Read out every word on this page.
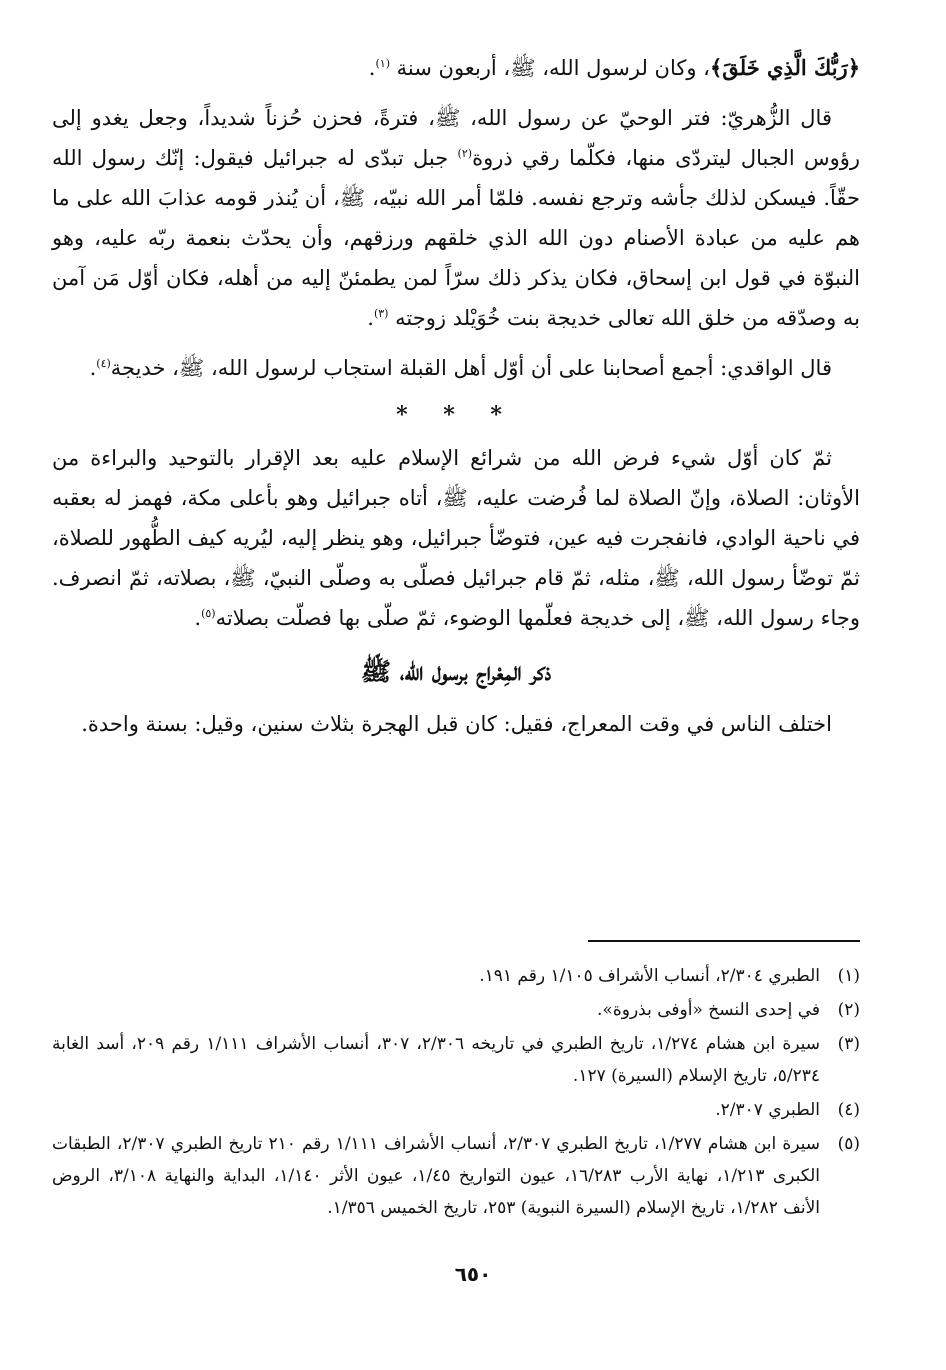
﴿رَبُّكَ الَّذِي خَلَقَ﴾، وكان لرسول الله، ﷺ، أربعون سنة $^{(١)}$.

قال الزُّهريّ: فتر الوحيّ عن رسول الله، ﷺ، فترةً، فحزن حُزناً شديداً، وجعل يغدو إلى رؤوس الجبال ليتردّى منها، فكلّما رقي ذروة$^{(٢)}$ جبل تبدّى له جبرائيل فيقول: إنّك رسول الله حقّاً. فيسكن لذلك جأشه وترجع نفسه. فلمّا أمر الله نبيّه، ﷺ، أن يُنذر قومه عذابَ الله على ما هم عليه من عبادة الأصنام دون الله الذي خلقهم ورزقهم، وأن يحدّث بنعمة ربّه عليه، وهو النبوّة في قول ابن إسحاق، فكان يذكر ذلك سرّاً لمن يطمئنّ إليه من أهله، فكان أوّل مَن آمن به وصدّقه من خلق الله تعالى خديجة بنت خُوَيْلد زوجته $^{(٣)}$.

قال الواقدي: أجمع أصحابنا على أن أوّل أهل القبلة استجاب لرسول الله، ﷺ، خديجة$^{(٤)}$.

* * *

ثمّ كان أوّل شيء فرض الله من شرائع الإسلام عليه بعد الإقرار بالتوحيد والبراءة من الأوثان: الصلاة، وإنّ الصلاة لما فُرضت عليه، ﷺ، أتاه جبرائيل وهو بأعلى مكة، فهمز له بعقبه في ناحية الوادي، فانفجرت فيه عين، فتوضّأ جبرائيل، وهو ينظر إليه، ليُريه كيف الطُّهور للصلاة، ثمّ توضّأ رسول الله، ﷺ، مثله، ثمّ قام جبرائيل فصلّى به وصلّى النبيّ، ﷺ، بصلاته، ثمّ انصرف. وجاء رسول الله، ﷺ، إلى خديجة فعلّمها الوضوء، ثمّ صلّى بها فصلّت بصلاته$^{(٥)}$.

ذكر المِعْراج برسول الله، ﷺ

اختلف الناس في وقت المعراج، فقيل: كان قبل الهجرة بثلاث سنين، وقيل: بسنة واحدة.

(١)
الطبري ٢/٣٠٤، أنساب الأشراف ١/١٠٥ رقم ١٩١.
(٢)
في إحدى النسخ «أوفى بذروة».
(٣)
سيرة ابن هشام ١/٢٧٤، تاريخ الطبري في تاريخه ٢/٣٠٦، ٣٠٧، أنساب الأشراف ١/١١١ رقم ٢٠٩، أسد الغابة ٥/٢٣٤، تاريخ الإسلام (السيرة) ١٢٧.
(٤)
الطبري ٢/٣٠٧.
(٥)
سيرة ابن هشام ١/٢٧٧، تاريخ الطبري ٢/٣٠٧، أنساب الأشراف ١/١١١ رقم ٢١٠ تاريخ الطبري ٢/٣٠٧، الطبقات الكبرى ١/٢١٣، نهاية الأرب ١٦/٢٨٣، عيون التواريخ ١/٤٥، عيون الأثر ١/١٤٠، البداية والنهاية ٣/١٠٨، الروض الأنف ١/٢٨٢، تاريخ الإسلام (السيرة النبوية) ٢٥٣، تاريخ الخميس ١/٣٥٦.
٦٥٠
